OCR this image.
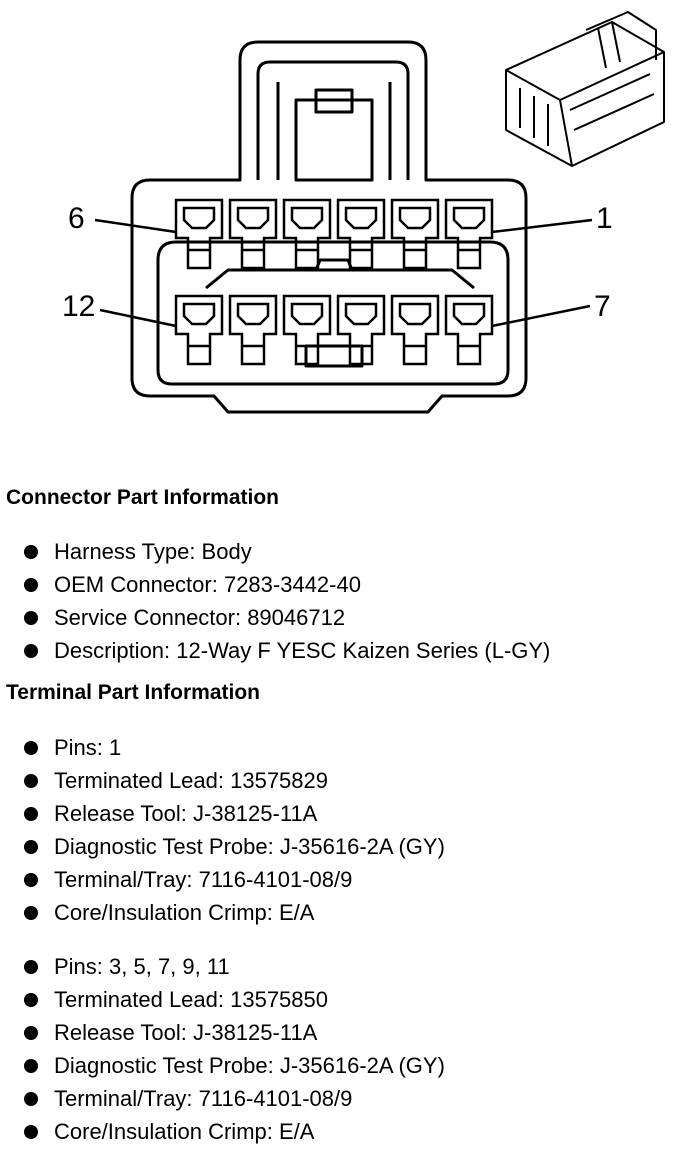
6	1
12	7
Connector Part Information
Harness Type: Body
OEM Connector: 7283-3442-40
Service Connector: 89046712
Description: 12-Way F YESC Kaizen Series (L-GY)
Terminal Part Information
Pins: 1
Terminated Lead: 13575829
Release Tool: J-38125-11A
Diagnostic Test Probe: J-35616-2A (GY)
Terminal/Tray: 7116-4101-08/9
Core/Insulation Crimp: E/A
Pins: 3, 5, 7, 9, 11
Terminated Lead: 13575850
Release Tool: J-38125-11A
Diagnostic Test Probe: J-35616-2A (GY)
Terminal/Tray: 7116-4101-08/9
Core/Insulation Crimp: E/A
